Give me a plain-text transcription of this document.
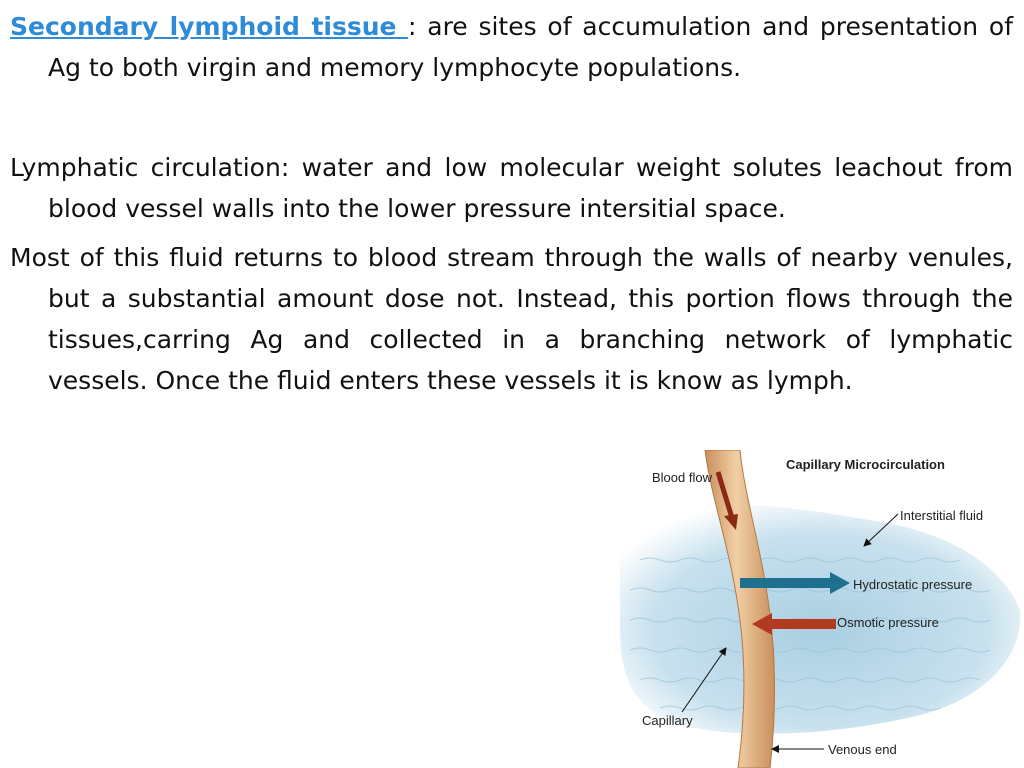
Secondary lymphoid tissue : are sites of accumulation and presentation of Ag to both virgin and memory lymphocyte populations.

Lymphatic circulation: water and low molecular weight solutes leachout from blood vessel walls into the lower pressure intersitial space.

Most of this fluid returns to blood stream through the walls of nearby venules, but a substantial amount dose not. Instead, this portion flows through the tissues,carring Ag and collected in a branching network of lymphatic vessels. Once the fluid enters these vessels it is know as lymph.

Capillary Microcirculation
Blood flow
Interstitial fluid
Hydrostatic pressure
Osmotic pressure
Capillary
Venous end
